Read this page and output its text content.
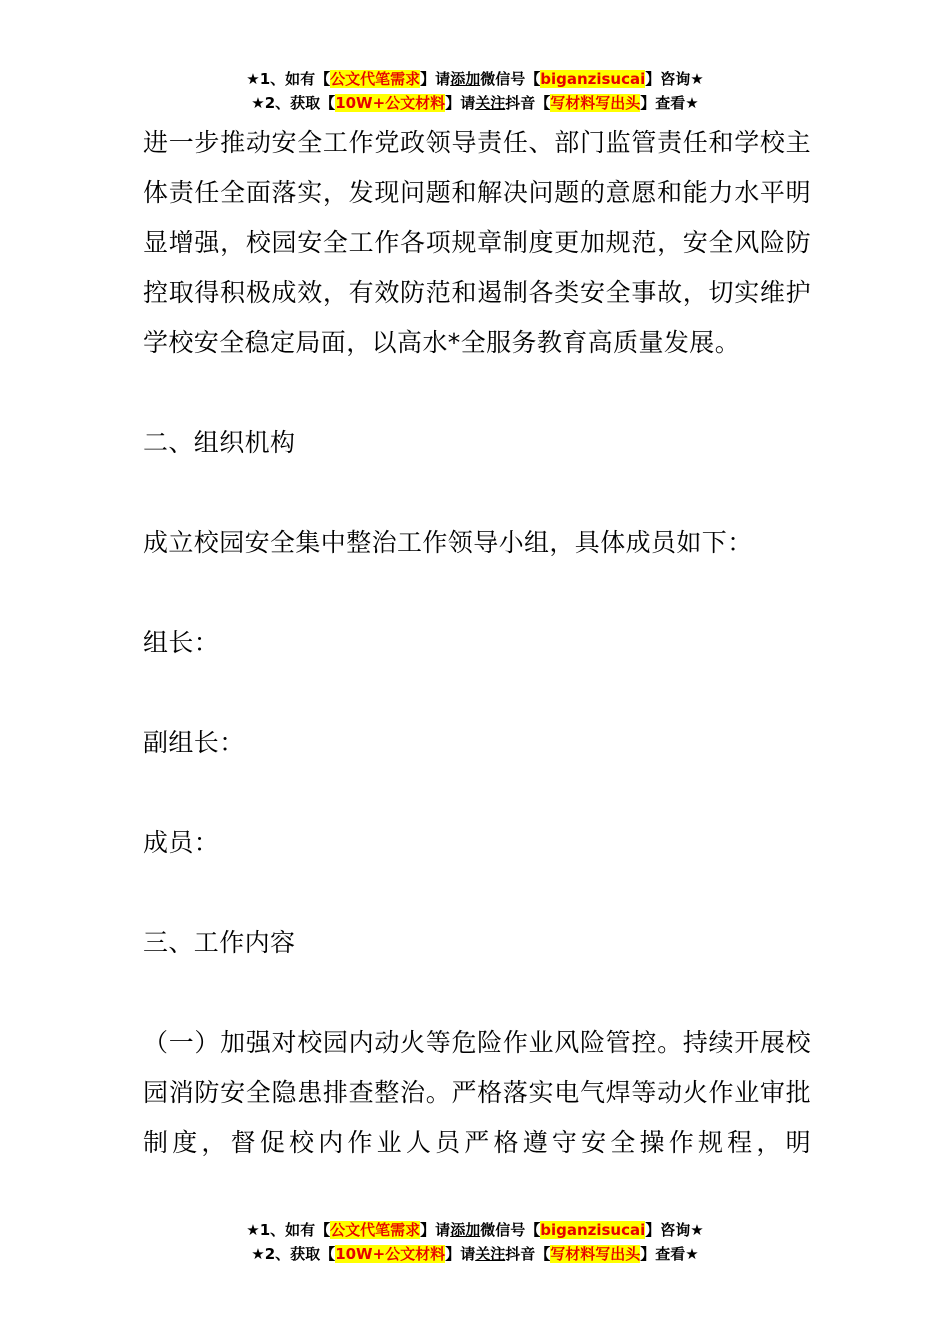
★1、如有【公文代笔需求】请添加微信号【biganzisucai】咨询★
★2、获取【10W+公文材料】请关注抖音【写材料写出头】查看★

进一步推动安全工作党政领导责任、部门监管责任和学校主体责任全面落实，发现问题和解决问题的意愿和能力水平明显增强，校园安全工作各项规章制度更加规范，安全风险防控取得积极成效，有效防范和遏制各类安全事故，切实维护学校安全稳定局面，以高水*全服务教育高质量发展。

二、组织机构

成立校园安全集中整治工作领导小组，具体成员如下：

组长：

副组长：

成员：

三、工作内容

（一）加强对校园内动火等危险作业风险管控。持续开展校园消防安全隐患排查整治。严格落实电气焊等动火作业审批制度，督促校内作业人员严格遵守安全操作规程，明

★1、如有【公文代笔需求】请添加微信号【biganzisucai】咨询★
★2、获取【10W+公文材料】请关注抖音【写材料写出头】查看★
